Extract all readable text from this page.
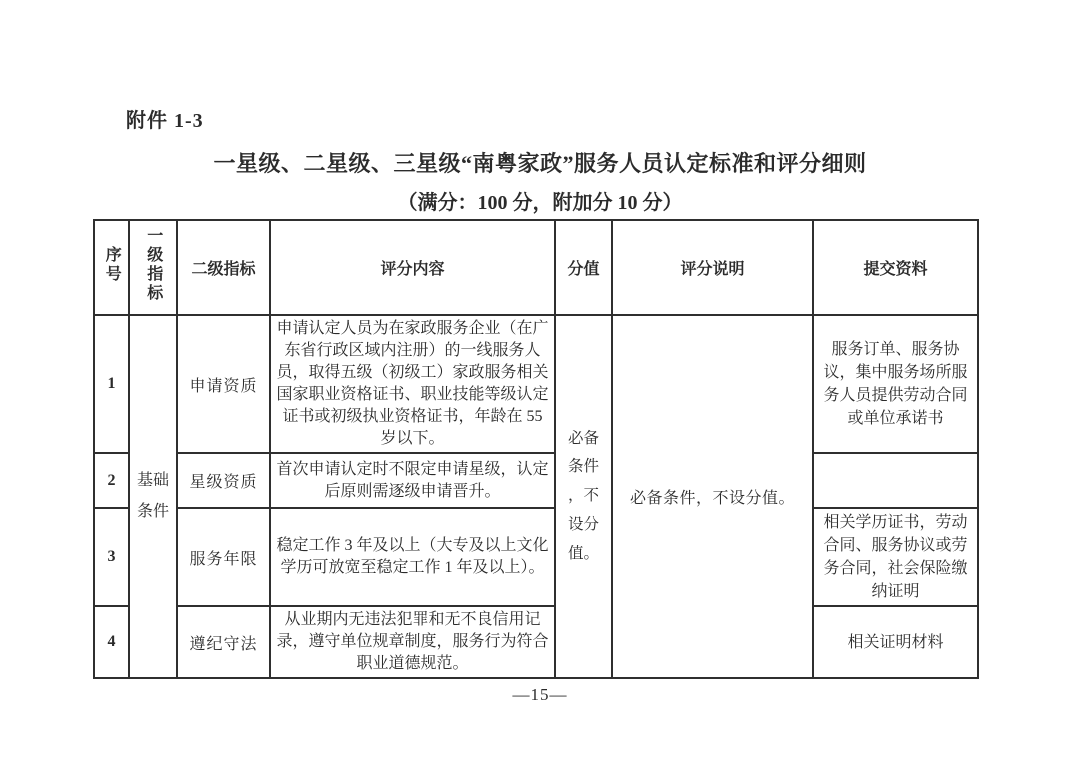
附件 1-3
一星级、二星级、三星级“南粤家政”服务人员认定标准和评分细则
（满分：100 分，附加分 10 分）
序号	一级指标	二级指标	评分内容	分值	评分说明	提交资料
1	基础条件	申请资质	申请认定人员为在家政服务企业（在广东省行政区域内注册）的一线服务人员，取得五级（初级工）家政服务相关国家职业资格证书、职业技能等级认定证书或初级执业资格证书，年龄在 55 岁以下。	必备条件，不设分值。	必备条件，不设分值。	服务订单、服务协议，集中服务场所服务人员提供劳动合同或单位承诺书
2		星级资质	首次申请认定时不限定申请星级，认定后原则需逐级申请晋升。			
3		服务年限	稳定工作 3 年及以上（大专及以上文化学历可放宽至稳定工作 1 年及以上）。			相关学历证书，劳动合同、服务协议或劳务合同，社会保险缴纳证明
4		遵纪守法	从业期内无违法犯罪和无不良信用记录，遵守单位规章制度，服务行为符合职业道德规范。			相关证明材料
—15—
